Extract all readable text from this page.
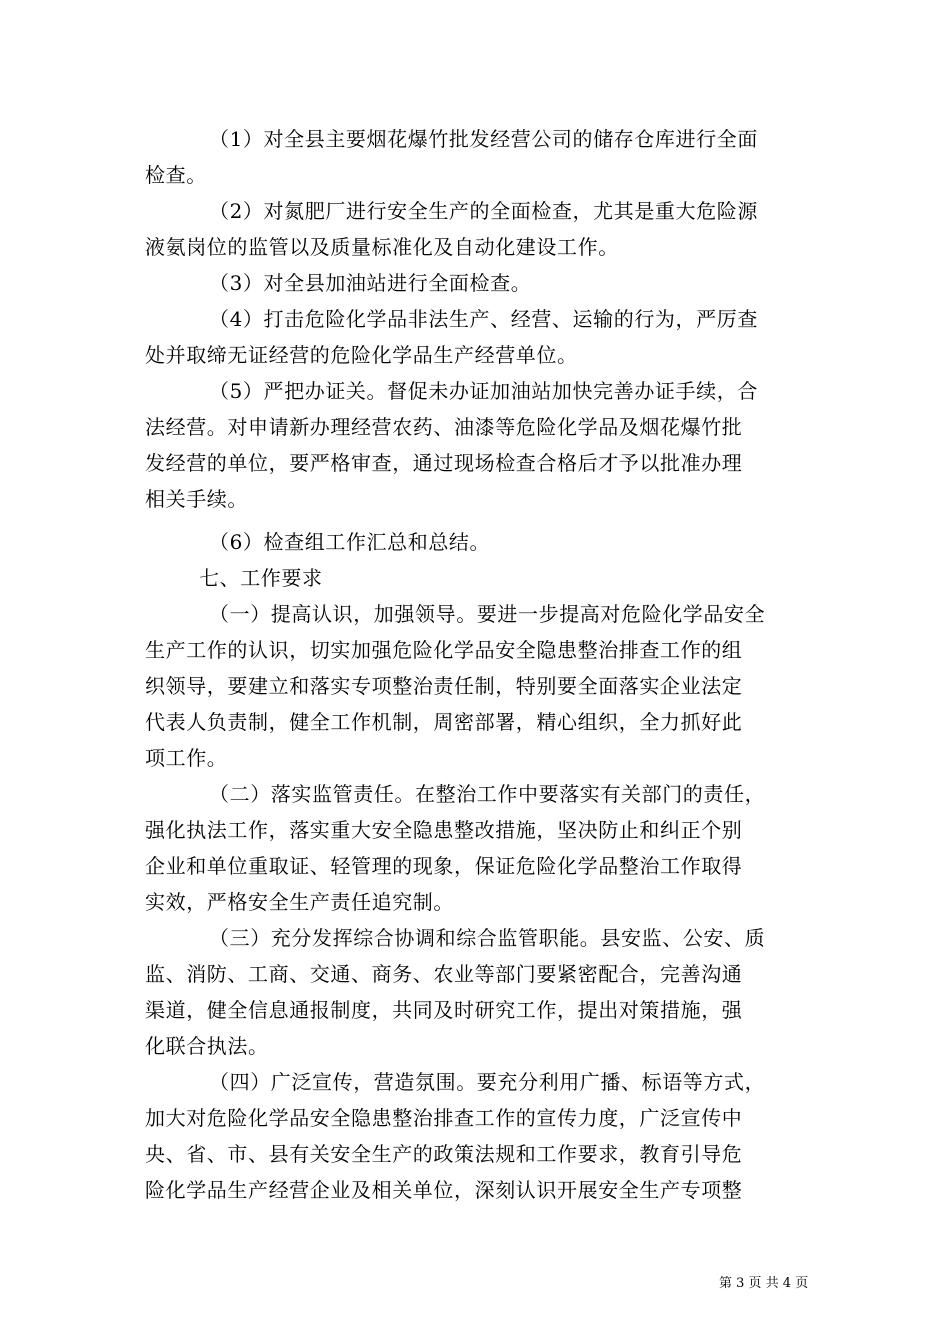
（1）对全县主要烟花爆竹批发经营公司的储存仓库进行全面
检查。
（2）对氮肥厂进行安全生产的全面检查，尤其是重大危险源
液氨岗位的监管以及质量标准化及自动化建设工作。
（3）对全县加油站进行全面检查。
（4）打击危险化学品非法生产、经营、运输的行为，严厉查
处并取缔无证经营的危险化学品生产经营单位。
（5）严把办证关。督促未办证加油站加快完善办证手续，合
法经营。对申请新办理经营农药、油漆等危险化学品及烟花爆竹批
发经营的单位，要严格审查，通过现场检查合格后才予以批准办理
相关手续。
（6）检查组工作汇总和总结。
七、工作要求
（一）提高认识，加强领导。要进一步提高对危险化学品安全
生产工作的认识，切实加强危险化学品安全隐患整治排查工作的组
织领导，要建立和落实专项整治责任制，特别要全面落实企业法定
代表人负责制，健全工作机制，周密部署，精心组织，全力抓好此
项工作。
（二）落实监管责任。在整治工作中要落实有关部门的责任，
强化执法工作，落实重大安全隐患整改措施，坚决防止和纠正个别
企业和单位重取证、轻管理的现象，保证危险化学品整治工作取得
实效，严格安全生产责任追究制。
（三）充分发挥综合协调和综合监管职能。县安监、公安、质
监、消防、工商、交通、商务、农业等部门要紧密配合，完善沟通
渠道，健全信息通报制度，共同及时研究工作，提出对策措施，强
化联合执法。
（四）广泛宣传，营造氛围。要充分利用广播、标语等方式，
加大对危险化学品安全隐患整治排查工作的宣传力度，广泛宣传中
央、省、市、县有关安全生产的政策法规和工作要求，教育引导危
险化学品生产经营企业及相关单位，深刻认识开展安全生产专项整
第 3 页 共 4 页
